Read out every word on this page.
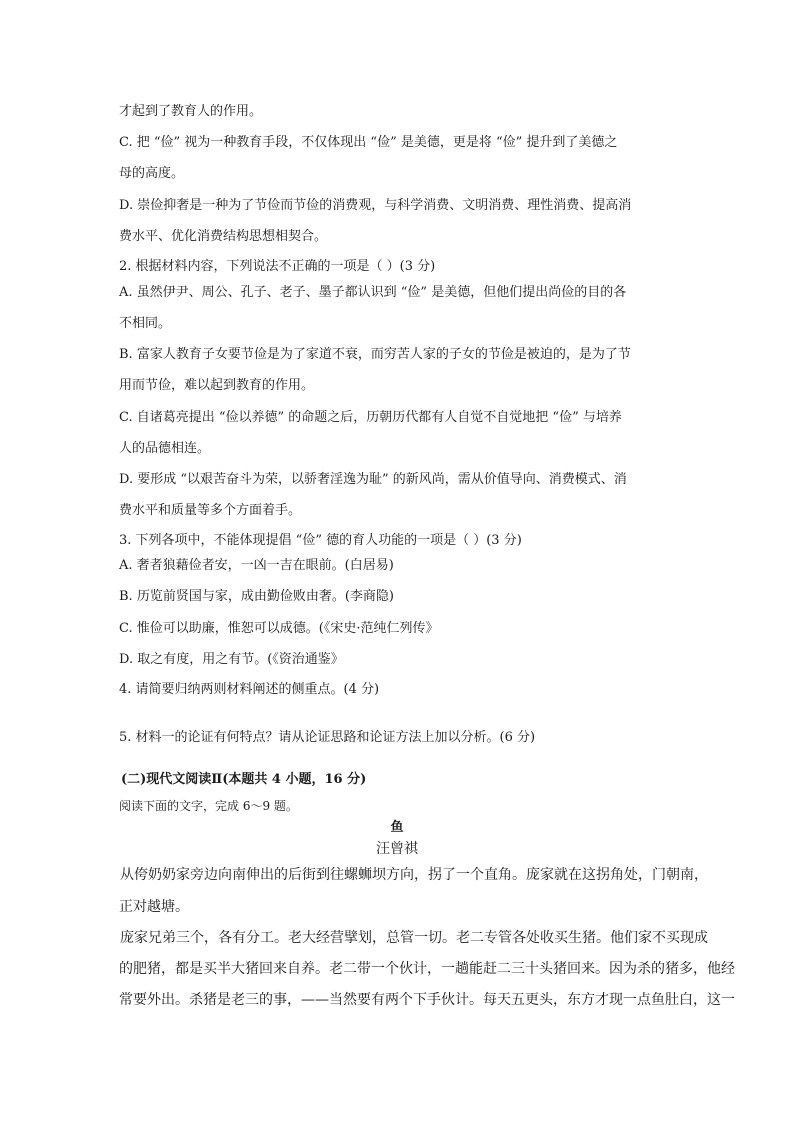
才起到了教育人的作用。
C. 把 “俭” 视为一种教育手段，不仅体现出 “俭” 是美德，更是将 “俭” 提升到了美德之
母的高度。
D. 崇俭抑奢是一种为了节俭而节俭的消费观，与科学消费、文明消费、理性消费、提高消
费水平、优化消费结构思想相契合。
2. 根据材料内容，下列说法不正确的一项是（ ）(3 分)
A. 虽然伊尹、周公、孔子、老子、墨子都认识到 “俭” 是美德，但他们提出尚俭的目的各
不相同。
B. 富家人教育子女要节俭是为了家道不衰，而穷苦人家的子女的节俭是被迫的，是为了节
用而节俭，难以起到教育的作用。
C. 自诸葛亮提出 “俭以养德” 的命题之后，历朝历代都有人自觉不自觉地把 “俭” 与培养
人的品德相连。
D. 要形成 “以艰苦奋斗为荣，以骄奢淫逸为耻” 的新风尚，需从价值导向、消费模式、消
费水平和质量等多个方面着手。
3. 下列各项中，不能体现提倡 “俭” 德的育人功能的一项是（ ）(3 分)
A. 奢者狼藉俭者安，一凶一吉在眼前。(白居易)
B. 历览前贤国与家，成由勤俭败由奢。(李商隐)
C. 惟俭可以助廉，惟恕可以成德。(《宋史·范纯仁列传》
D. 取之有度，用之有节。(《资治通鉴》
4. 请简要归纳两则材料阐述的侧重点。(4 分)
5. 材料一的论证有何特点？请从论证思路和论证方法上加以分析。(6 分)
(二)现代文阅读Ⅱ(本题共 4 小题，16 分)
阅读下面的文字，完成 6～9 题。
鱼
汪曾祺
从侉奶奶家旁边向南伸出的后街到往螺蛳坝方向，拐了一个直角。庞家就在这拐角处，门朝南，
正对越塘。
庞家兄弟三个，各有分工。老大经营擘划，总管一切。老二专管各处收买生猪。他们家不买现成
的肥猪，都是买半大猪回来自养。老二带一个伙计，一趟能赶二三十头猪回来。因为杀的猪多，他经
常要外出。杀猪是老三的事，——当然要有两个下手伙计。每天五更头，东方才现一点鱼肚白，这一
